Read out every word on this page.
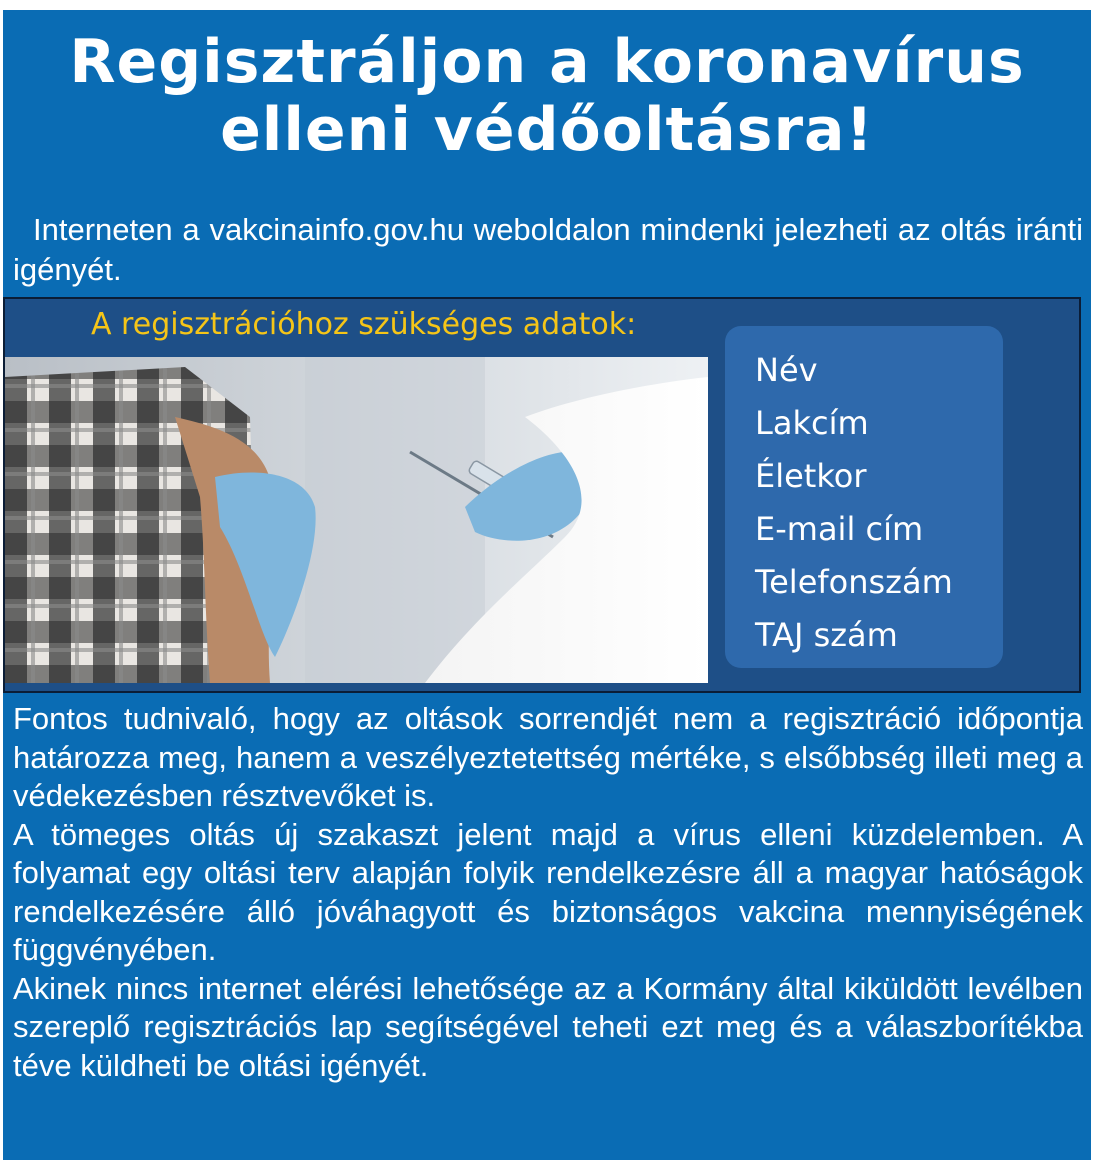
Regisztráljon a koronavírus
elleni védőoltásra!
Interneten a vakcinainfo.gov.hu weboldalon mindenki jelezheti az oltás iránti igényét.
A regisztrációhoz szükséges adatok:
Név
Lakcím
Életkor
E-mail cím
Telefonszám
TAJ szám

Fontos tudnivaló, hogy az oltások sorrendjét nem a regisztráció időpontja határozza meg, hanem a veszélyeztetettség mértéke, s elsőbbség illeti meg a védekezésben résztvevőket is.

A tömeges oltás új szakaszt jelent majd a vírus elleni küzdelemben. A folyamat egy oltási terv alapján folyik rendelkezésre áll a magyar hatóságok rendelkezésére álló jóváhagyott és biztonságos vakcina mennyiségének függvényében.

Akinek nincs internet elérési lehetősége az a Kormány által kiküldött levélben szereplő regisztrációs lap segítségével teheti ezt meg és a válaszborítékba téve küldheti be oltási igényét.
